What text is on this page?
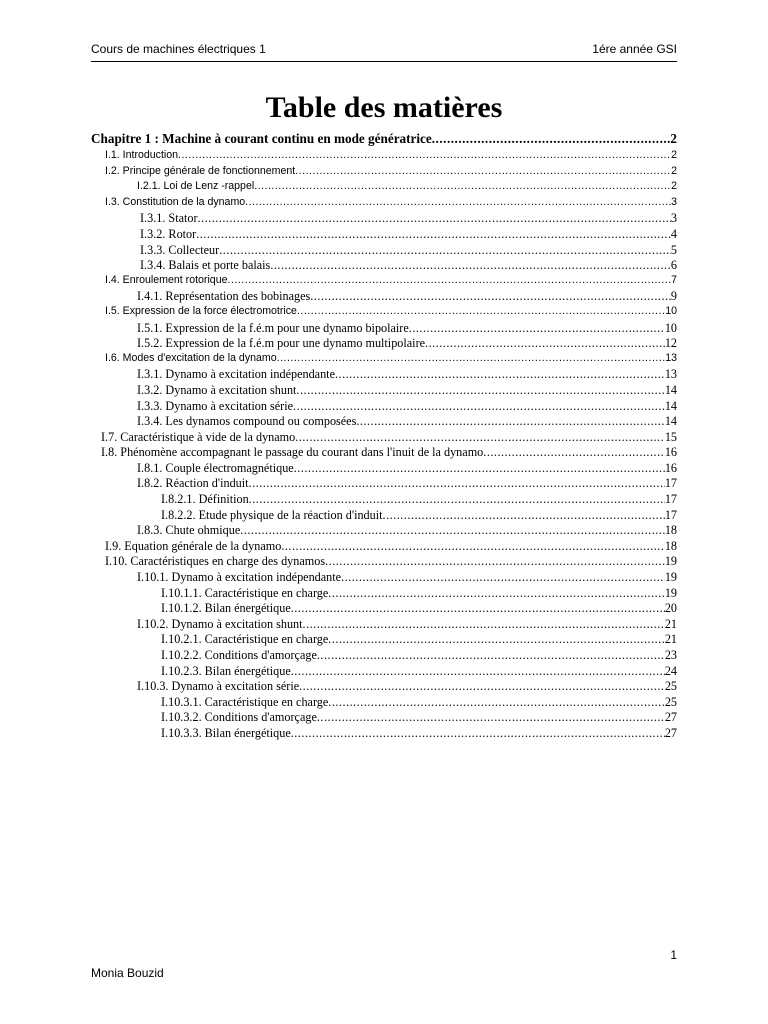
Cours de machines électriques 1	1ére année GSI
Table des matières
Chapitre 1 : Machine à courant continu en mode génératrice .....	2
I.1. Introduction .....	2
I.2. Principe générale de fonctionnement .....	2
I.2.1. Loi de Lenz -rappel .....	2
I.3. Constitution de la dynamo .....	3
I.3.1. Stator .....	3
I.3.2. Rotor .....	4
I.3.3. Collecteur .....	5
I.3.4. Balais et porte balais .....	6
I.4. Enroulement rotorique .....	7
I.4.1. Représentation des bobinages .....	9
I.5. Expression de la force électromotrice .....	10
I.5.1. Expression de la f.é.m pour une dynamo bipolaire .....	10
I.5.2. Expression de la f.é.m pour une dynamo multipolaire .....	12
I.6. Modes d'excitation de la dynamo .....	13
I.3.1. Dynamo à excitation indépendante .....	13
I.3.2. Dynamo à excitation shunt .....	14
I.3.3. Dynamo à excitation série .....	14
I.3.4. Les dynamos compound ou composées .....	14
I.7. Caractéristique à vide de la dynamo .....	15
I.8. Phénomène accompagnant le passage du courant dans l'inuit de la dynamo .....	16
I.8.1. Couple électromagnétique .....	16
I.8.2. Réaction d'induit .....	17
I.8.2.1. Définition .....	17
I.8.2.2. Etude physique de la réaction d'induit .....	17
I.8.3. Chute ohmique .....	18
I.9. Equation générale de la dynamo .....	18
I.10. Caractéristiques en charge des dynamos .....	19
I.10.1. Dynamo à excitation indépendante .....	19
I.10.1.1. Caractéristique en charge .....	19
I.10.1.2. Bilan énergétique .....	20
I.10.2. Dynamo à excitation shunt .....	21
I.10.2.1. Caractéristique en charge .....	21
I.10.2.2. Conditions d'amorçage .....	23
I.10.2.3. Bilan énergétique .....	24
I.10.3. Dynamo à excitation série .....	25
I.10.3.1. Caractéristique en charge .....	25
I.10.3.2. Conditions d'amorçage .....	27
I.10.3.3. Bilan énergétique .....	27
1
Monia Bouzid
